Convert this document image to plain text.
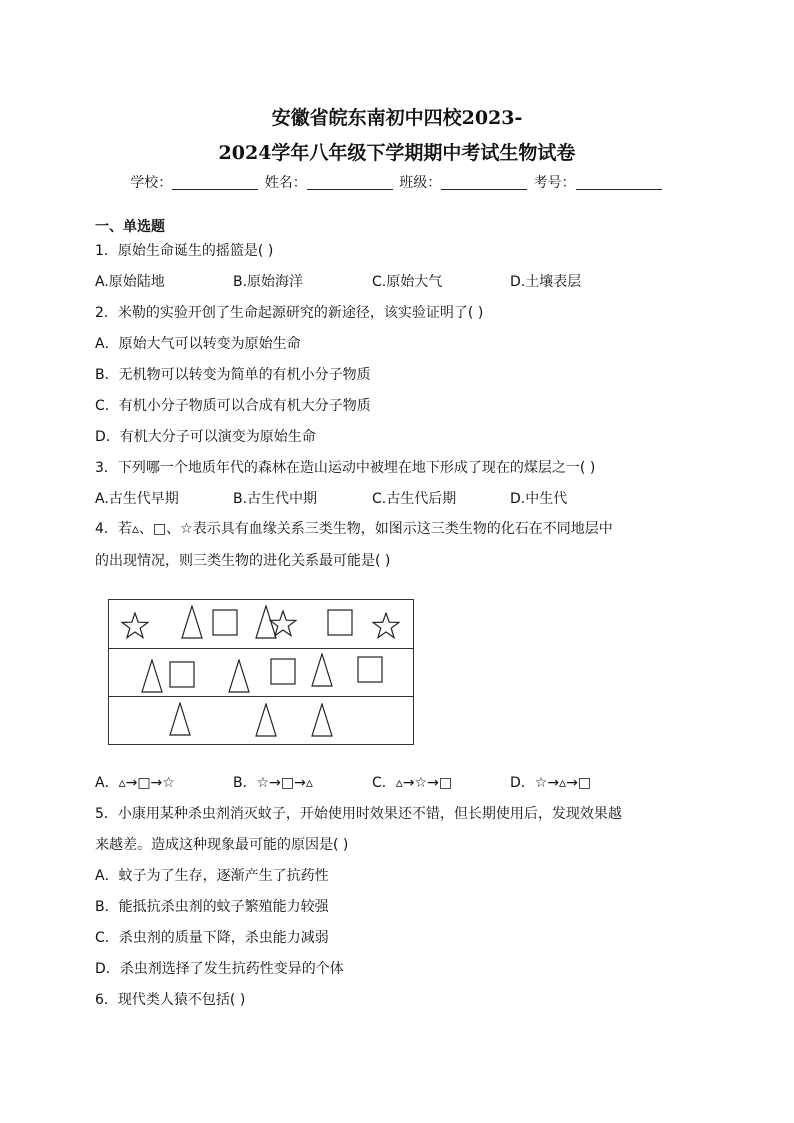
安徽省皖东南初中四校2023-
2024学年八年级下学期期中考试生物试卷
学校：	姓名：	班级：	考号：
一、单选题
1．原始生命诞生的摇篮是( )
A.原始陆地	B.原始海洋	C.原始大气	D.土壤表层
2．米勒的实验开创了生命起源研究的新途径，该实验证明了( )
A．原始大气可以转变为原始生命
B．无机物可以转变为简单的有机小分子物质
C．有机小分子物质可以合成有机大分子物质
D．有机大分子可以演变为原始生命
3．下列哪一个地质年代的森林在造山运动中被埋在地下形成了现在的煤层之一( )
A.古生代早期	B.古生代中期	C.古生代后期	D.中生代
4．若▵、□、☆表示具有血缘关系三类生物，如图示这三类生物的化石在不同地层中
的出现情况，则三类生物的进化关系最可能是( )
A．▵→□→☆	B．☆→□→▵	C．▵→☆→□	D．☆→▵→□
5．小康用某种杀虫剂消灭蚊子，开始使用时效果还不错，但长期使用后，发现效果越
来越差。造成这种现象最可能的原因是( )
A．蚊子为了生存，逐渐产生了抗药性
B．能抵抗杀虫剂的蚊子繁殖能力较强
C．杀虫剂的质量下降，杀虫能力减弱
D．杀虫剂选择了发生抗药性变异的个体
6．现代类人猿不包括( )
